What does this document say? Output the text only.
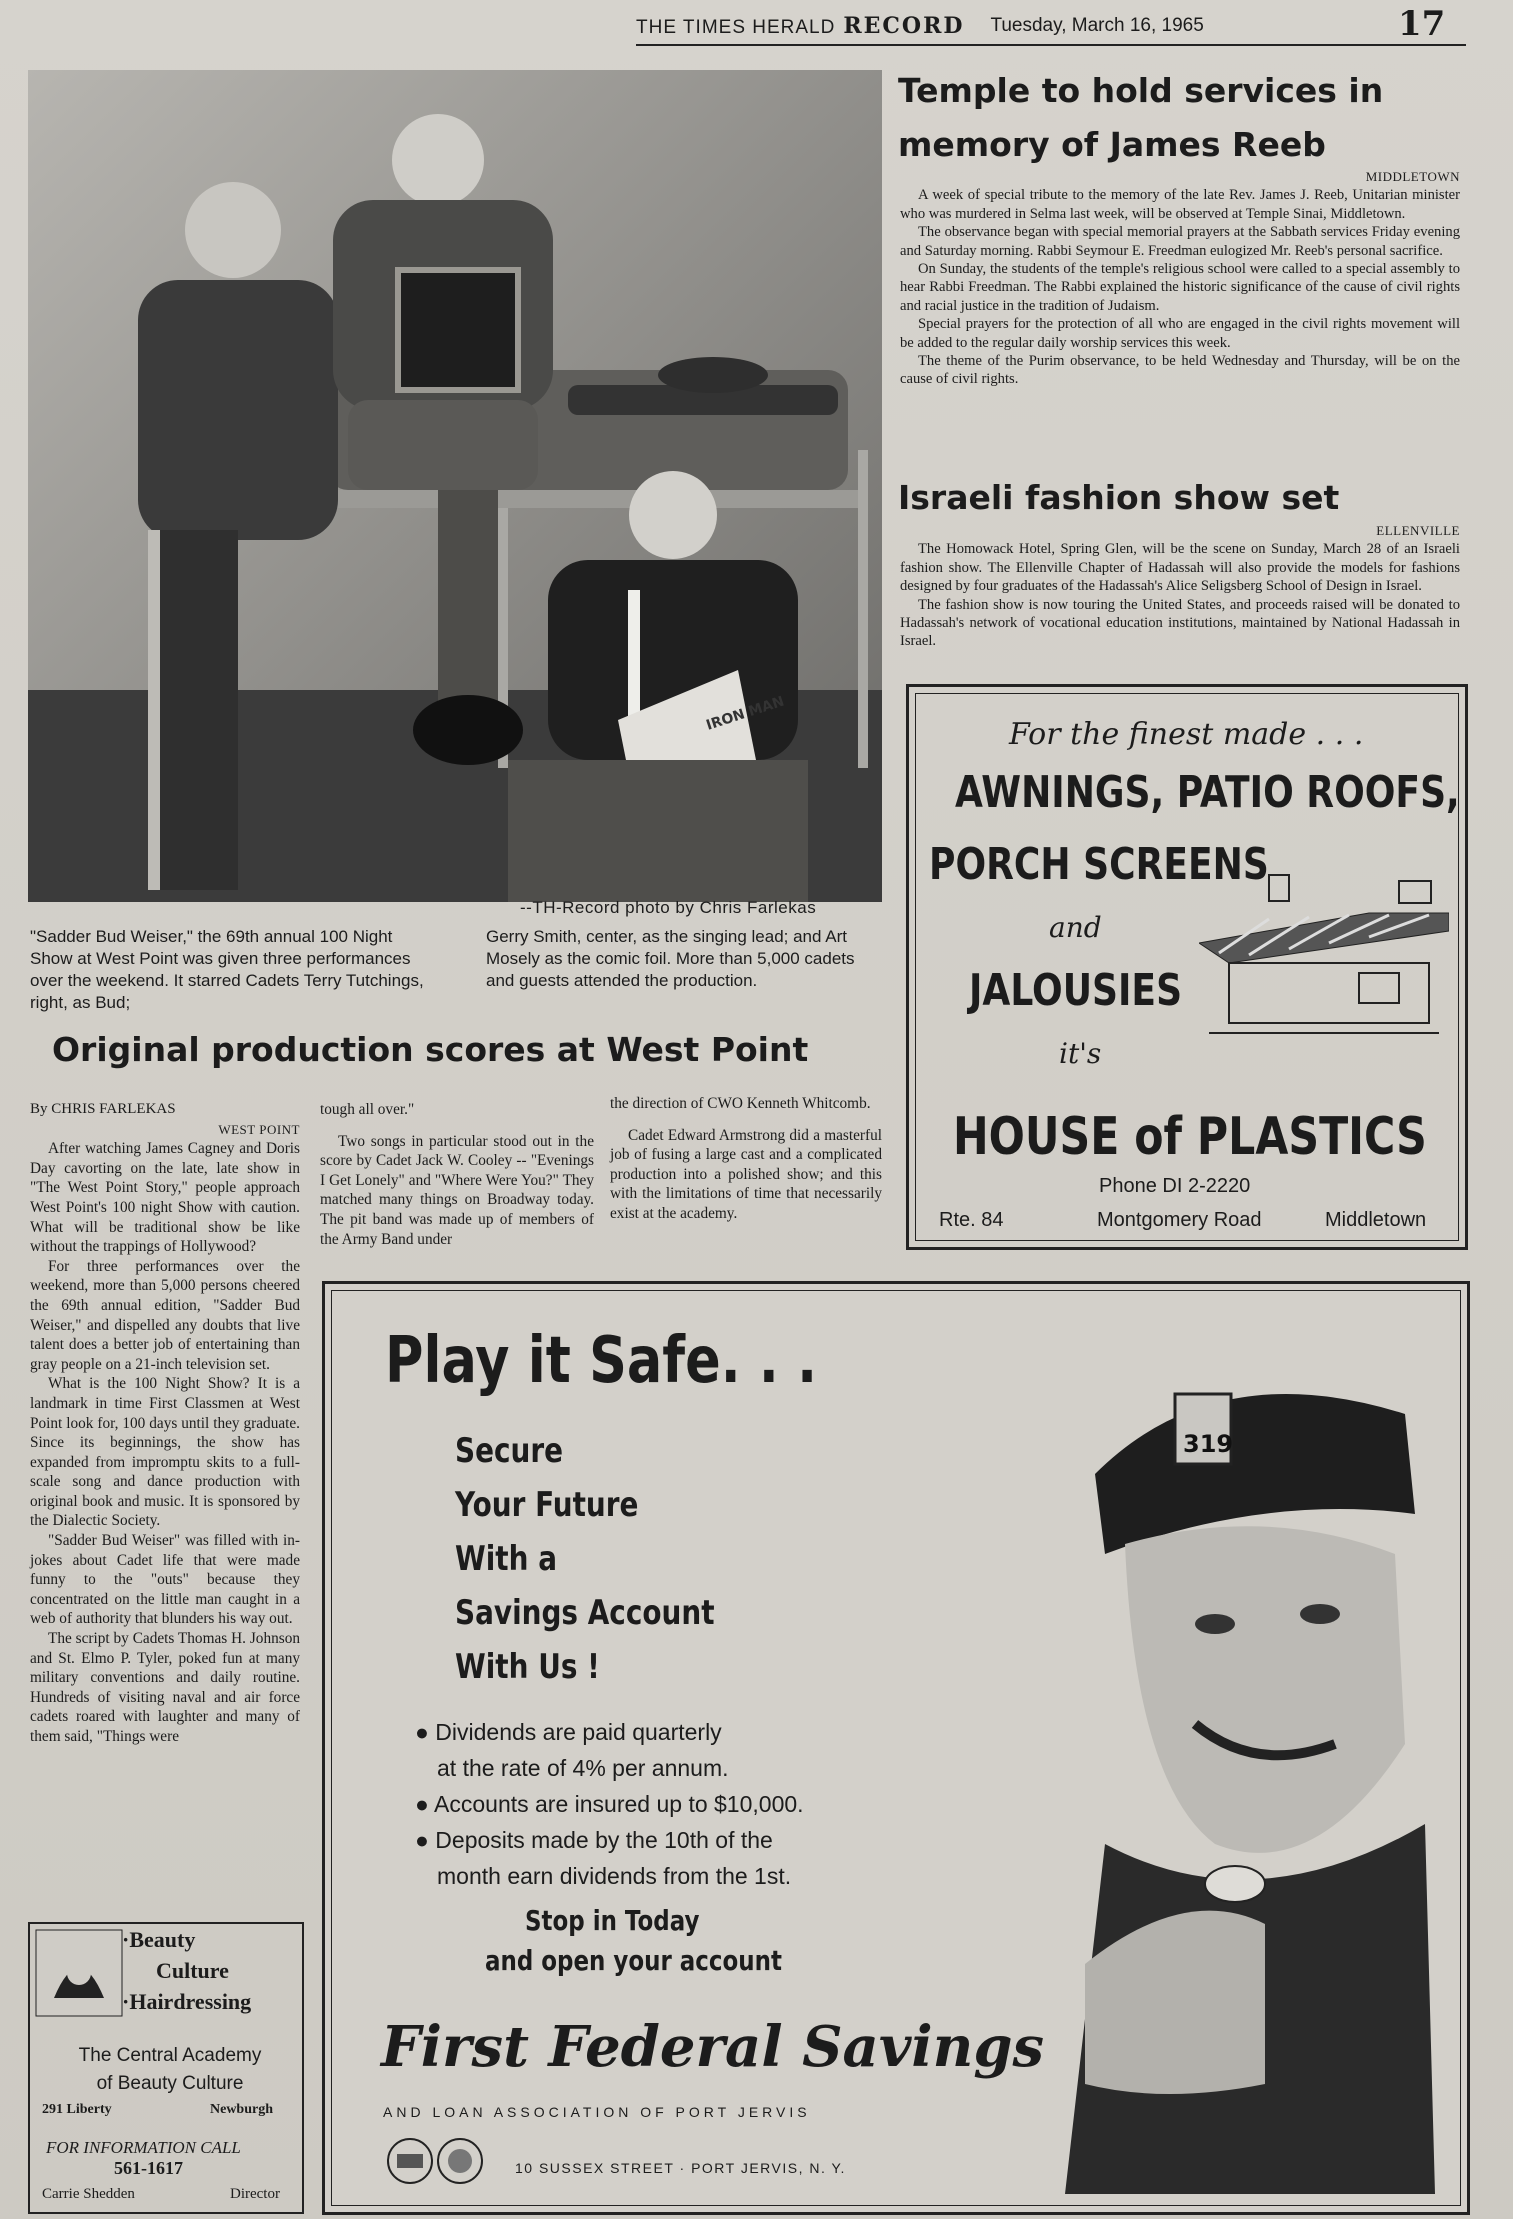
THE TIMES HERALD RECORD Tuesday, March 16, 1965	17
IRON MAN
--TH-Record photo by Chris Farlekas
"Sadder Bud Weiser," the 69th annual 100 Night Show at West Point was given three performances over the weekend. It starred Cadets Terry Tutchings, right, as Bud;
Gerry Smith, center, as the singing lead; and Art Mosely as the comic foil. More than 5,000 cadets and guests attended the production.
Original production scores at West Point
By CHRIS FARLEKAS
WEST POINT

After watching James Cagney and Doris Day cavorting on the late, late show in "The West Point Story," people approach West Point's 100 night Show with caution. What will be traditional show be like without the trappings of Hollywood?

For three performances over the weekend, more than 5,000 persons cheered the 69th annual edition, "Sadder Bud Weiser," and dispelled any doubts that live talent does a better job of entertaining than gray people on a 21-inch television set.

What is the 100 Night Show? It is a landmark in time First Classmen at West Point look for, 100 days until they graduate. Since its beginnings, the show has expanded from impromptu skits to a full-scale song and dance production with original book and music. It is sponsored by the Dialectic Society.

"Sadder Bud Weiser" was filled with in-jokes about Cadet life that were made funny to the "outs" because they concentrated on the little man caught in a web of authority that blunders his way out.

The script by Cadets Thomas H. Johnson and St. Elmo P. Tyler, poked fun at many military conventions and daily routine. Hundreds of visiting naval and air force cadets roared with laughter and many of them said, "Things were

tough all over."

Two songs in particular stood out in the score by Cadet Jack W. Cooley -- "Evenings I Get Lonely" and "Where Were You?" They matched many things on Broadway today. The pit band was made up of members of the Army Band under

the direction of CWO Kenneth Whitcomb.

Cadet Edward Armstrong did a masterful job of fusing a large cast and a complicated production into a polished show; and this with the limitations of time that necessarily exist at the academy.

Temple to hold services in memory of James Reeb
MIDDLETOWN

A week of special tribute to the memory of the late Rev. James J. Reeb, Unitarian minister who was murdered in Selma last week, will be observed at Temple Sinai, Middletown.

The observance began with special memorial prayers at the Sabbath services Friday evening and Saturday morning. Rabbi Seymour E. Freedman eulogized Mr. Reeb's personal sacrifice.

On Sunday, the students of the temple's religious school were called to a special assembly to hear Rabbi Freedman. The Rabbi explained the historic significance of the cause of civil rights and racial justice in the tradition of Judaism.

Special prayers for the protection of all who are engaged in the civil rights movement will be added to the regular daily worship services this week.

The theme of the Purim observance, to be held Wednesday and Thursday, will be on the cause of civil rights.

Israeli fashion show set
ELLENVILLE

The Homowack Hotel, Spring Glen, will be the scene on Sunday, March 28 of an Israeli fashion show. The Ellenville Chapter of Hadassah will also provide the models for fashions designed by four graduates of the Hadassah's Alice Seligsberg School of Design in Israel.

The fashion show is now touring the United States, and proceeds raised will be donated to Hadassah's network of vocational education institutions, maintained by National Hadassah in Israel.

For the finest made . . .
AWNINGS, PATIO ROOFS,
PORCH SCREENS
and
JALOUSIES
it's
HOUSE of PLASTICS
Phone DI 2-2220
Rte. 84	Montgomery Road	Middletown
Play it Safe. . .
Secure
Your Future
With a
Savings Account
With Us !
● Dividends are paid quarterly
at the rate of 4% per annum.
● Accounts are insured up to $10,000.
● Deposits made by the 10th of the
month earn dividends from the 1st.
Stop in Today
and open your account
First Federal Savings
AND LOAN ASSOCIATION OF PORT JERVIS
10 SUSSEX STREET · PORT JERVIS, N. Y.
319
·Beauty
Culture
·Hairdressing
The Central Academy
of Beauty Culture
291 Liberty	Newburgh
FOR INFORMATION CALL
561-1617
Carrie Shedden	Director
